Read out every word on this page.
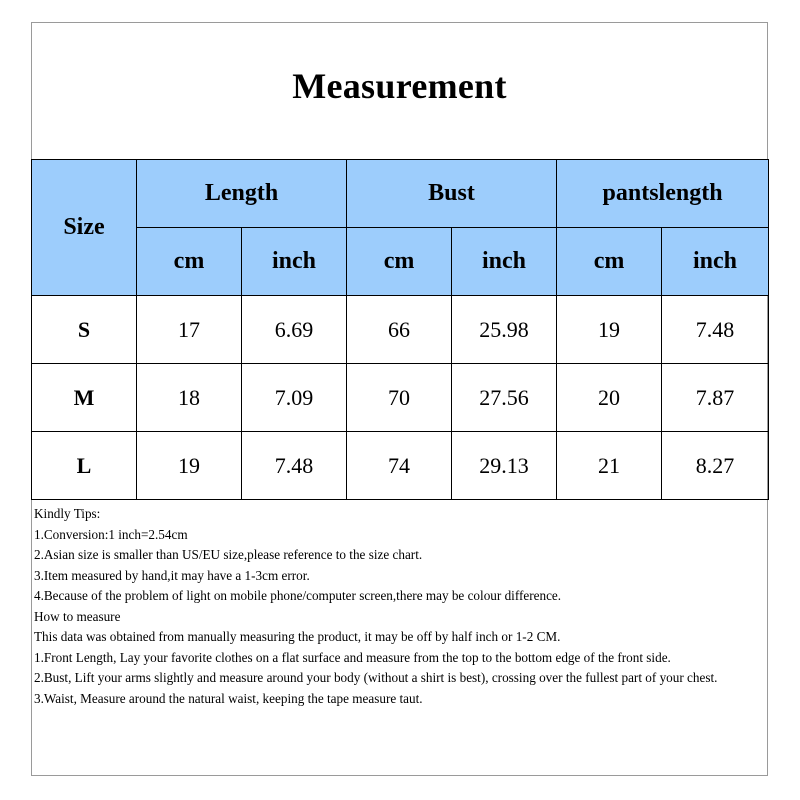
Measurement
Size	Length		Bust		pantslength	
	cm	inch	cm	inch	cm	inch
S	17	6.69	66	25.98	19	7.48
M	18	7.09	70	27.56	20	7.87
L	19	7.48	74	29.13	21	8.27

Kindly Tips:

1.Conversion:1 inch=2.54cm

2.Asian size is smaller than US/EU size,please reference to the size chart.

3.Item measured by hand,it may have a 1-3cm error.

4.Because of the problem of light on mobile phone/computer screen,there may be colour difference.

How to measure

This data was obtained from manually measuring the product, it may be off by half inch or 1-2 CM.

1.Front Length, Lay your favorite clothes on a flat surface and measure from the top to the bottom edge of the front side.

2.Bust, Lift your arms slightly and measure around your body (without a shirt is best), crossing over the fullest part of your chest.

3.Waist, Measure around the natural waist, keeping the tape measure taut.
